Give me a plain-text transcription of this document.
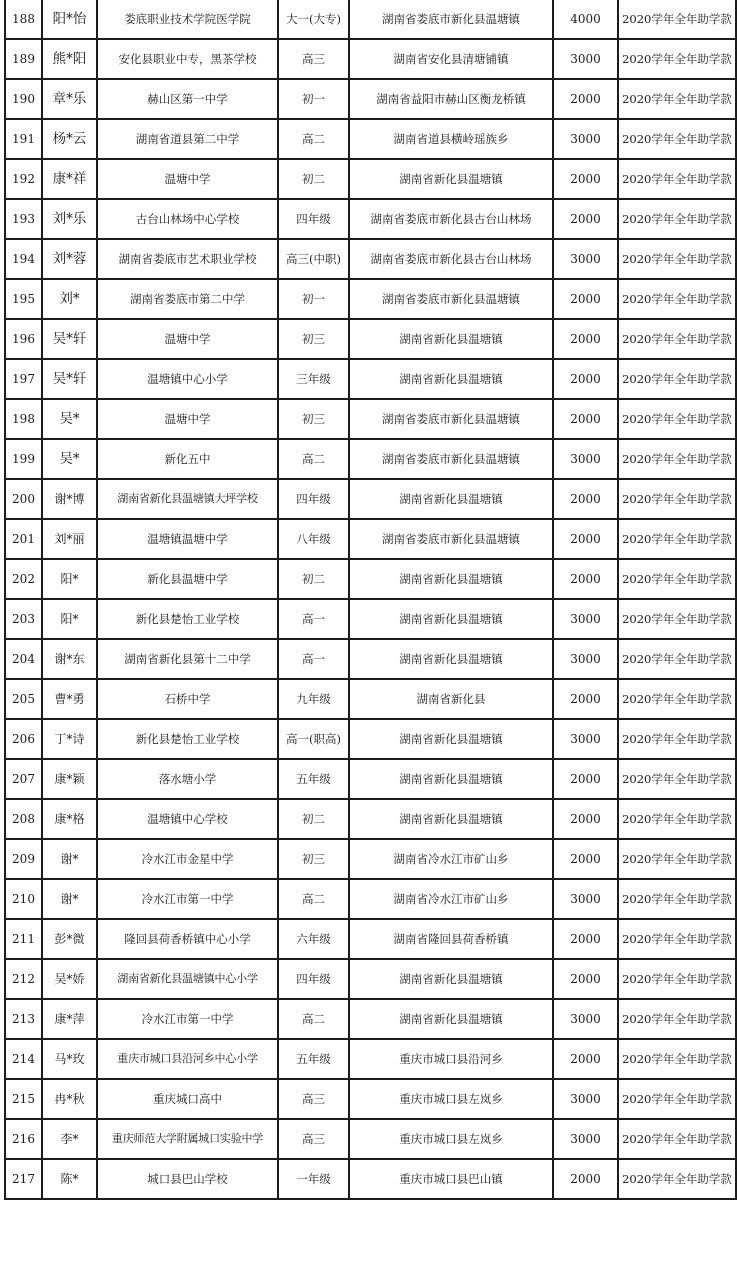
188	阳*怡	娄底职业技术学院医学院	大一(大专)	湖南省娄底市新化县温塘镇	4000	2020学年全年助学款
189	熊*阳	安化县职业中专，黑茶学校	高三	湖南省安化县清塘铺镇	3000	2020学年全年助学款
190	章*乐	赫山区第一中学	初一	湖南省益阳市赫山区衡龙桥镇	2000	2020学年全年助学款
191	杨*云	湖南省道县第二中学	高二	湖南省道县横岭瑶族乡	3000	2020学年全年助学款
192	康*祥	温塘中学	初二	湖南省新化县温塘镇	2000	2020学年全年助学款
193	刘*乐	古台山林场中心学校	四年级	湖南省娄底市新化县古台山林场	2000	2020学年全年助学款
194	刘*蓉	湖南省娄底市艺术职业学校	高三(中职)	湖南省娄底市新化县古台山林场	3000	2020学年全年助学款
195	刘*	湖南省娄底市第二中学	初一	湖南省娄底市新化县温塘镇	2000	2020学年全年助学款
196	吴*轩	温塘中学	初三	湖南省新化县温塘镇	2000	2020学年全年助学款
197	吴*轩	温塘镇中心小学	三年级	湖南省新化县温塘镇	2000	2020学年全年助学款
198	吴*	温塘中学	初三	湖南省娄底市新化县温塘镇	2000	2020学年全年助学款
199	吴*	新化五中	高二	湖南省娄底市新化县温塘镇	3000	2020学年全年助学款
200	谢*博	湖南省新化县温塘镇大坪学校	四年级	湖南省新化县温塘镇	2000	2020学年全年助学款
201	刘*丽	温塘镇温塘中学	八年级	湖南省娄底市新化县温塘镇	2000	2020学年全年助学款
202	阳*	新化县温塘中学	初二	湖南省新化县温塘镇	2000	2020学年全年助学款
203	阳*	新化县楚怡工业学校	高一	湖南省新化县温塘镇	3000	2020学年全年助学款
204	谢*东	湖南省新化县第十二中学	高一	湖南省新化县温塘镇	3000	2020学年全年助学款
205	曹*勇	石桥中学	九年级	湖南省新化县	2000	2020学年全年助学款
206	丁*诗	新化县楚怡工业学校	高一(职高)	湖南省新化县温塘镇	3000	2020学年全年助学款
207	康*颖	落水塘小学	五年级	湖南省新化县温塘镇	2000	2020学年全年助学款
208	康*格	温塘镇中心学校	初二	湖南省新化县温塘镇	2000	2020学年全年助学款
209	谢*	冷水江市金星中学	初三	湖南省冷水江市矿山乡	2000	2020学年全年助学款
210	谢*	冷水江市第一中学	高二	湖南省冷水江市矿山乡	3000	2020学年全年助学款
211	彭*微	隆回县荷香桥镇中心小学	六年级	湖南省隆回县荷香桥镇	2000	2020学年全年助学款
212	吴*娇	湖南省新化县温塘镇中心小学	四年级	湖南省新化县温塘镇	2000	2020学年全年助学款
213	康*萍	冷水江市第一中学	高二	湖南省新化县温塘镇	3000	2020学年全年助学款
214	马*玫	重庆市城口县沿河乡中心小学	五年级	重庆市城口县沿河乡	2000	2020学年全年助学款
215	冉*秋	重庆城口高中	高三	重庆市城口县左岚乡	3000	2020学年全年助学款
216	李*	重庆师范大学附属城口实验中学	高三	重庆市城口县左岚乡	3000	2020学年全年助学款
217	陈*	城口县巴山学校	一年级	重庆市城口县巴山镇	2000	2020学年全年助学款
